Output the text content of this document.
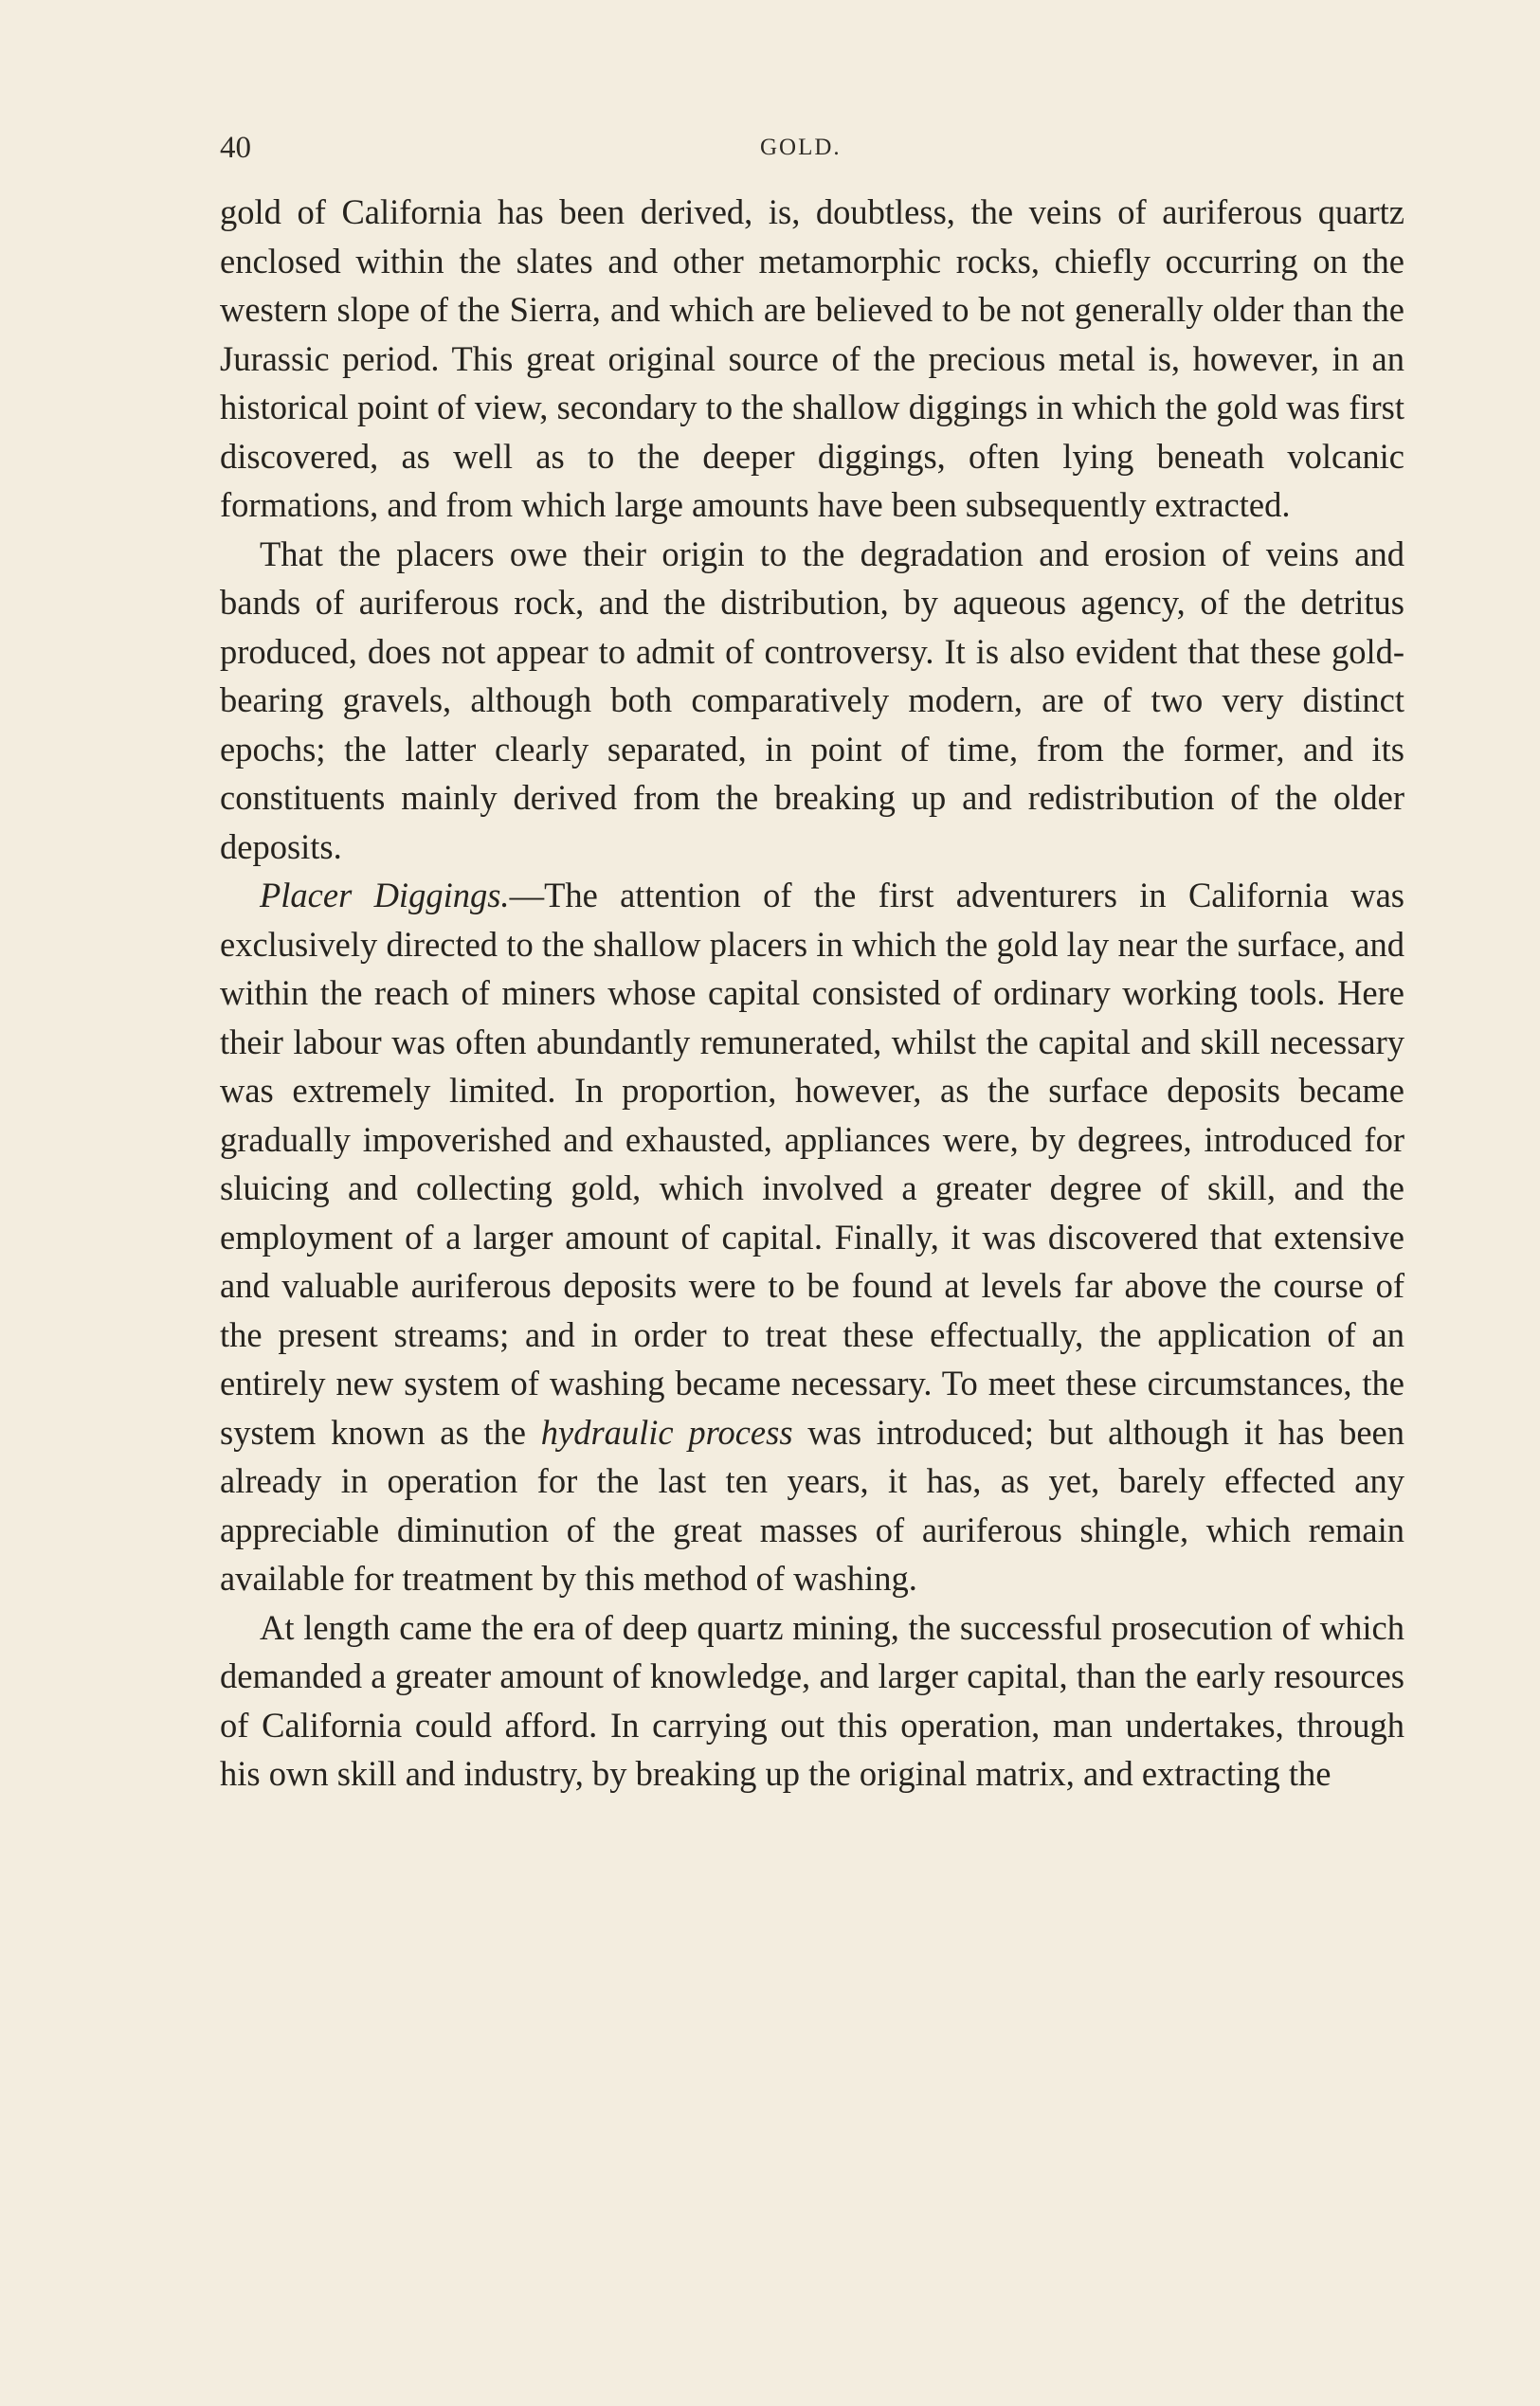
40	GOLD.

gold of California has been derived, is, doubtless, the veins of auriferous quartz enclosed within the slates and other metamorphic rocks, chiefly occurring on the western slope of the Sierra, and which are believed to be not generally older than the Jurassic period. This great original source of the precious metal is, however, in an historical point of view, secondary to the shallow diggings in which the gold was first discovered, as well as to the deeper diggings, often lying beneath volcanic formations, and from which large amounts have been subsequently extracted.

That the placers owe their origin to the degradation and erosion of veins and bands of auriferous rock, and the distribution, by aqueous agency, of the detritus produced, does not appear to admit of controversy. It is also evident that these gold-bearing gravels, although both comparatively modern, are of two very distinct epochs; the latter clearly separated, in point of time, from the former, and its constituents mainly derived from the breaking up and redistribution of the older deposits.

Placer Diggings.—The attention of the first adventurers in California was exclusively directed to the shallow placers in which the gold lay near the surface, and within the reach of miners whose capital consisted of ordinary working tools. Here their labour was often abundantly remunerated, whilst the capital and skill necessary was extremely limited. In proportion, however, as the surface deposits became gradually impoverished and exhausted, appliances were, by degrees, introduced for sluicing and collecting gold, which involved a greater degree of skill, and the employment of a larger amount of capital. Finally, it was discovered that extensive and valuable auriferous deposits were to be found at levels far above the course of the present streams; and in order to treat these effectually, the application of an entirely new system of washing became necessary. To meet these circumstances, the system known as the hydraulic process was introduced; but although it has been already in operation for the last ten years, it has, as yet, barely effected any appreciable diminution of the great masses of auriferous shingle, which remain available for treatment by this method of washing.

At length came the era of deep quartz mining, the successful prosecution of which demanded a greater amount of knowledge, and larger capital, than the early resources of California could afford. In carrying out this operation, man undertakes, through his own skill and industry, by breaking up the original matrix, and extracting the
